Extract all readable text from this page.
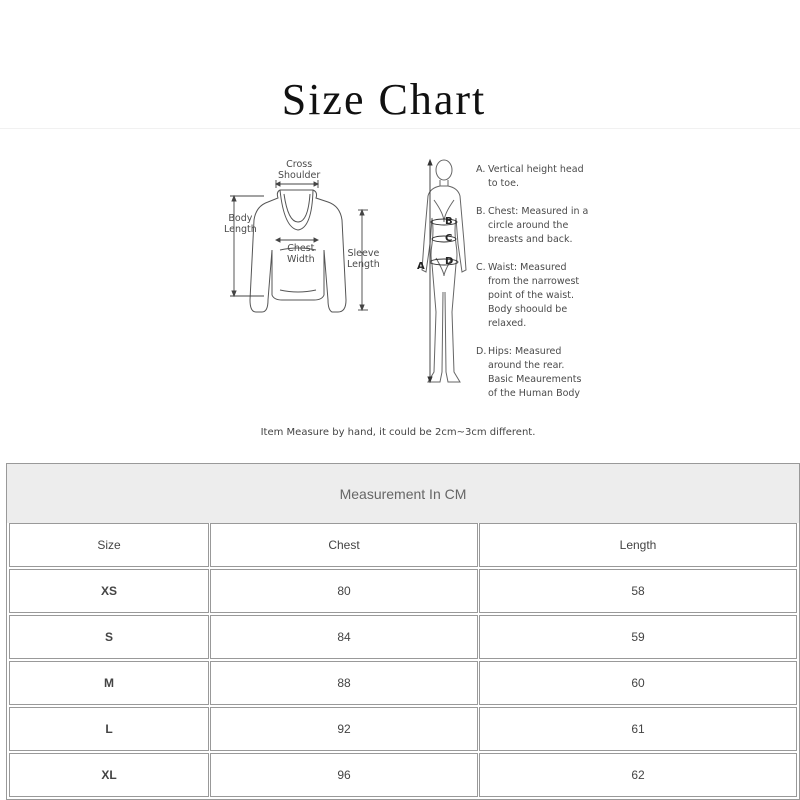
Size Chart
Cross
Shoulder
Body
Length
Chest
Width
Sleeve
Length	A
B
C
D
A. Vertical height head
to toe.
B. Chest: Measured in a
circle around the
breasts and back.
C. Waist: Measured
from the narrowest
point of the waist.
Body shoould be
relaxed.
D. Hips: Measured
around the rear.
Basic Meaurements
of the Human Body
Item Measure by hand, it could be 2cm~3cm different.
Measurement In CM
Size	Chest	Length
XS	80	58
S	84	59
M	88	60
L	92	61
XL	96	62
